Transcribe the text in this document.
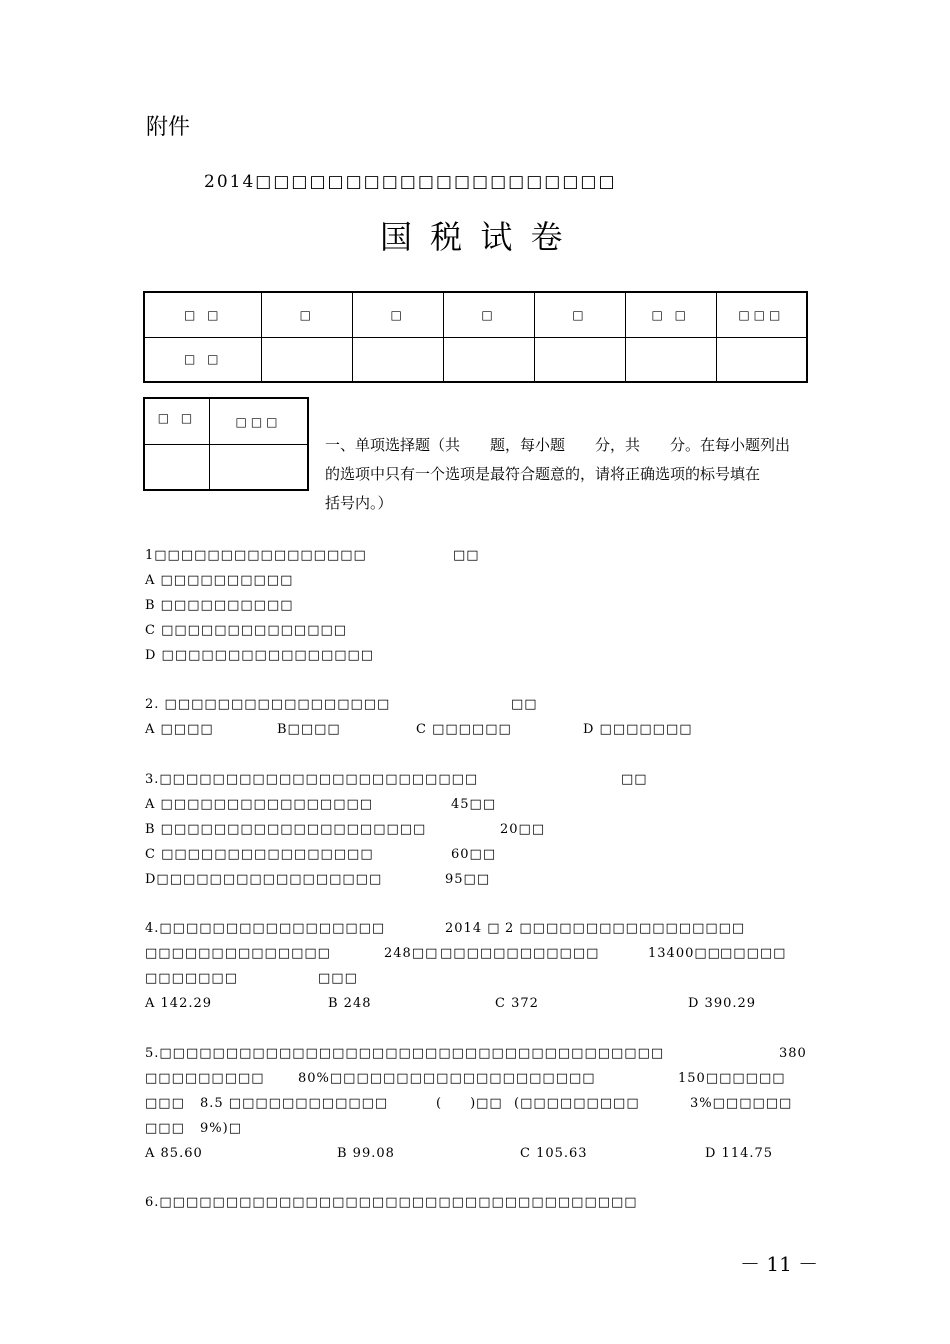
附件
2014□□□□□□□□□□□□□□□□□□□□
国 税 试 卷
□ □	□	□	□	□	□ □	□□□
□ □						
□ □	□□□

一、单项选择题（共　　题，每小题　　分，共　　分。在每小题列出
的选项中只有一个选项是最符合题意的，请将正确选项的标号填在
括号内。）
1□□□□□□□□□□□□□□□□	□□
A □□□□□□□□□□
B □□□□□□□□□□
C □□□□□□□□□□□□□□
D □□□□□□□□□□□□□□□□
2. □□□□□□□□□□□□□□□□□	□□
A □□□□	B□□□□	C □□□□□□	D □□□□□□□
3.□□□□□□□□□□□□□□□□□□□□□□□□	□□
A □□□□□□□□□□□□□□□□	45□□
B □□□□□□□□□□□□□□□□□□□□	20□□
C □□□□□□□□□□□□□□□□	60□□
D□□□□□□□□□□□□□□□□□	95□□
4.□□□□□□□□□□□□□□□□□	2014 □ 2 □□□□□□□□□□□□□□□□□
□□□□□□□□□□□□□□	248□□ □□□□□□□□□□□□	13400□□ □□□□□
□□□□□□□	□□□
A 142.29	B 248	C 372	D 390.29
5.□□□□□□□□□□□□□□□□□□□□□□□□□□□□□□□□□□□□□□	380
□□□□□□□□□	80%□□□□□□□□□□□□□□□□□□□□	150□□□□□□
□□□ 8.5 □□□□□□□□□□□□	(　　)□□ (□□□□□□□□□	3%□□□□□□
□□□ 9%)□
A 85.60	B 99.08	C 105.63	D 114.75
6.□□□□□□□□□□□□□□□□□□□□□□□□□□□□□□□□□□□□
－ 11 －
